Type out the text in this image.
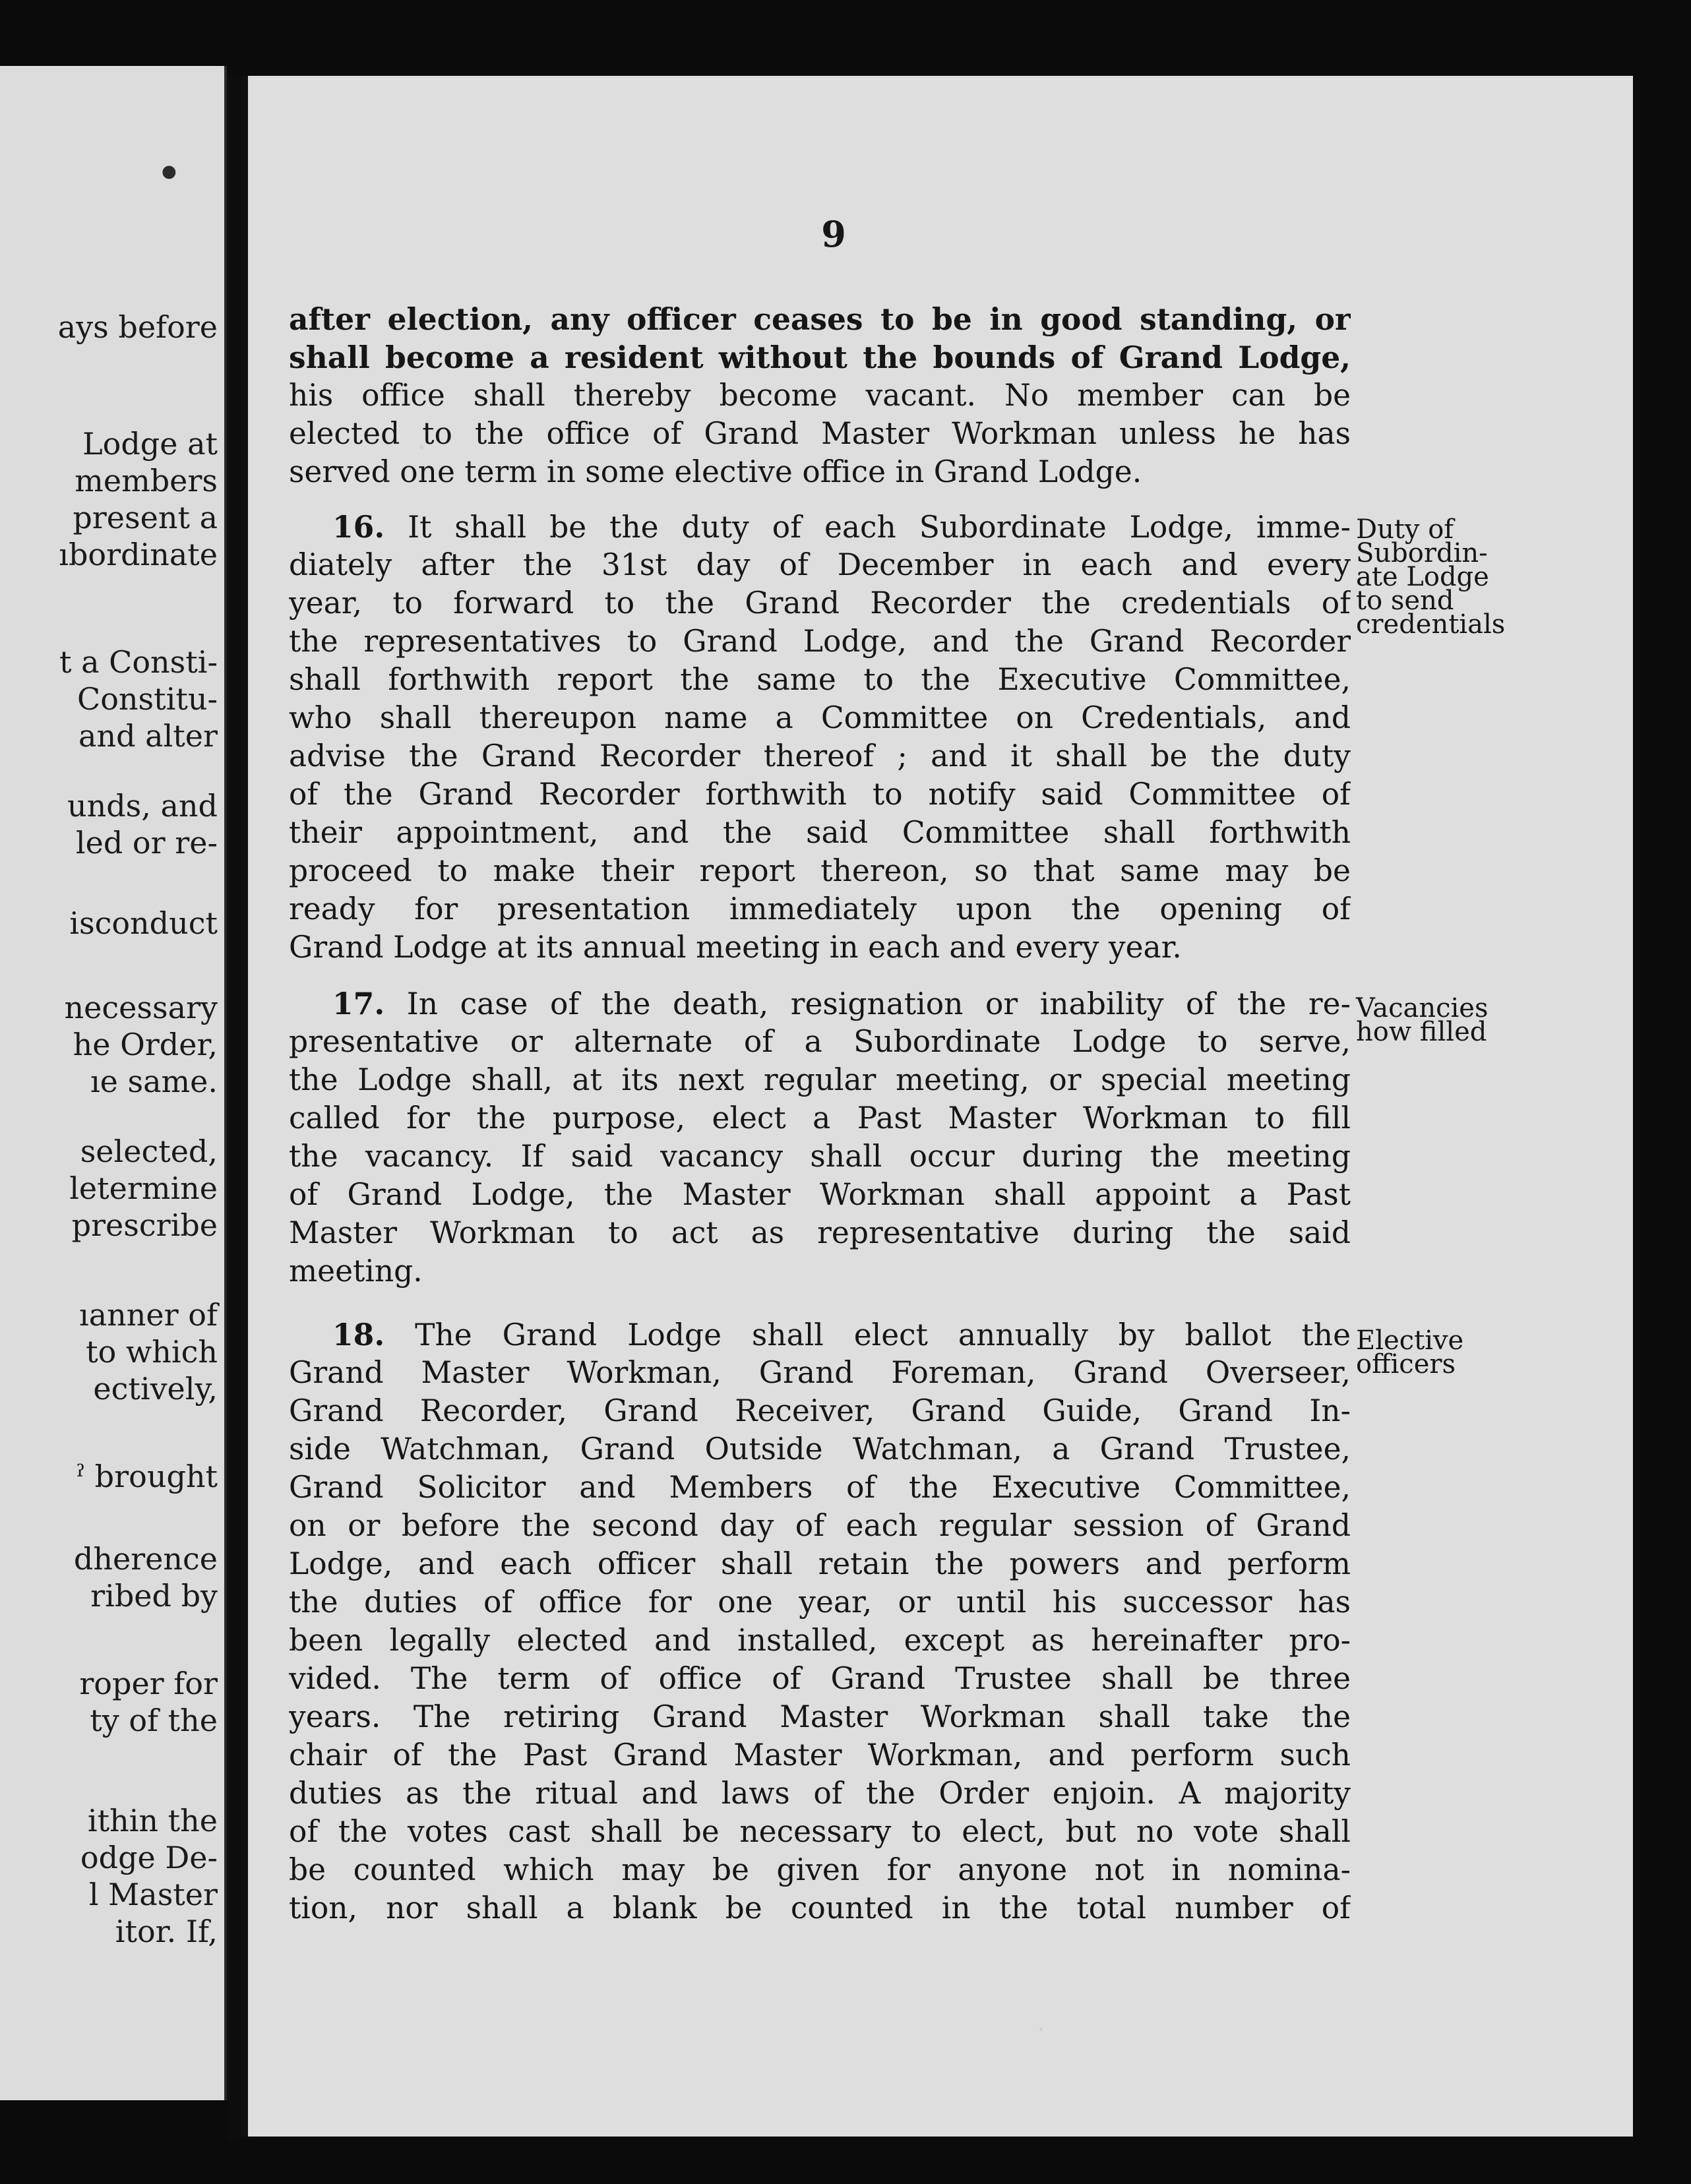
●
ays before
Lodge at
members
present a
ıbordinate
t a Consti-
Constitu-
and alter
unds, and
led or re-
isconduct
necessary
he Order,
ıe same.
selected,
letermine
prescribe
ıanner of
to which
ectively,
ˀ brought
dherence
ribed by
roper for
ty of the
ithin the
odge De-
l Master
itor. If,
9
after election, any officer ceases to be in good standing, or
shall become a resident without the bounds of Grand Lodge,
his office shall thereby become vacant. No member can be
elected to the office of Grand Master Workman unless he has
served one term in some elective office in Grand Lodge.
16. It shall be the duty of each Subordinate Lodge, imme-
diately after the 31st day of December in each and every
year, to forward to the Grand Recorder the credentials of
the representatives to Grand Lodge, and the Grand Recorder
shall forthwith report the same to the Executive Committee,
who shall thereupon name a Committee on Credentials, and
advise the Grand Recorder thereof ; and it shall be the duty
of the Grand Recorder forthwith to notify said Committee of
their appointment, and the said Committee shall forthwith
proceed to make their report thereon, so that same may be
ready for presentation immediately upon the opening of
Grand Lodge at its annual meeting in each and every year.
Duty of
Subordin-
ate Lodge
to send
credentials
17. In case of the death, resignation or inability of the re-
presentative or alternate of a Subordinate Lodge to serve,
the Lodge shall, at its next regular meeting, or special meeting
called for the purpose, elect a Past Master Workman to fill
the vacancy. If said vacancy shall occur during the meeting
of Grand Lodge, the Master Workman shall appoint a Past
Master Workman to act as representative during the said
meeting.
Vacancies
how filled
18. The Grand Lodge shall elect annually by ballot the
Grand Master Workman, Grand Foreman, Grand Overseer,
Grand Recorder, Grand Receiver, Grand Guide, Grand In-
side Watchman, Grand Outside Watchman, a Grand Trustee,
Grand Solicitor and Members of the Executive Committee,
on or before the second day of each regular session of Grand
Lodge, and each officer shall retain the powers and perform
the duties of office for one year, or until his successor has
been legally elected and installed, except as hereinafter pro-
vided. The term of office of Grand Trustee shall be three
years. The retiring Grand Master Workman shall take the
chair of the Past Grand Master Workman, and perform such
duties as the ritual and laws of the Order enjoin. A majority
of the votes cast shall be necessary to elect, but no vote shall
be counted which may be given for anyone not in nomina-
tion, nor shall a blank be counted in the total number of
Elective
officers
